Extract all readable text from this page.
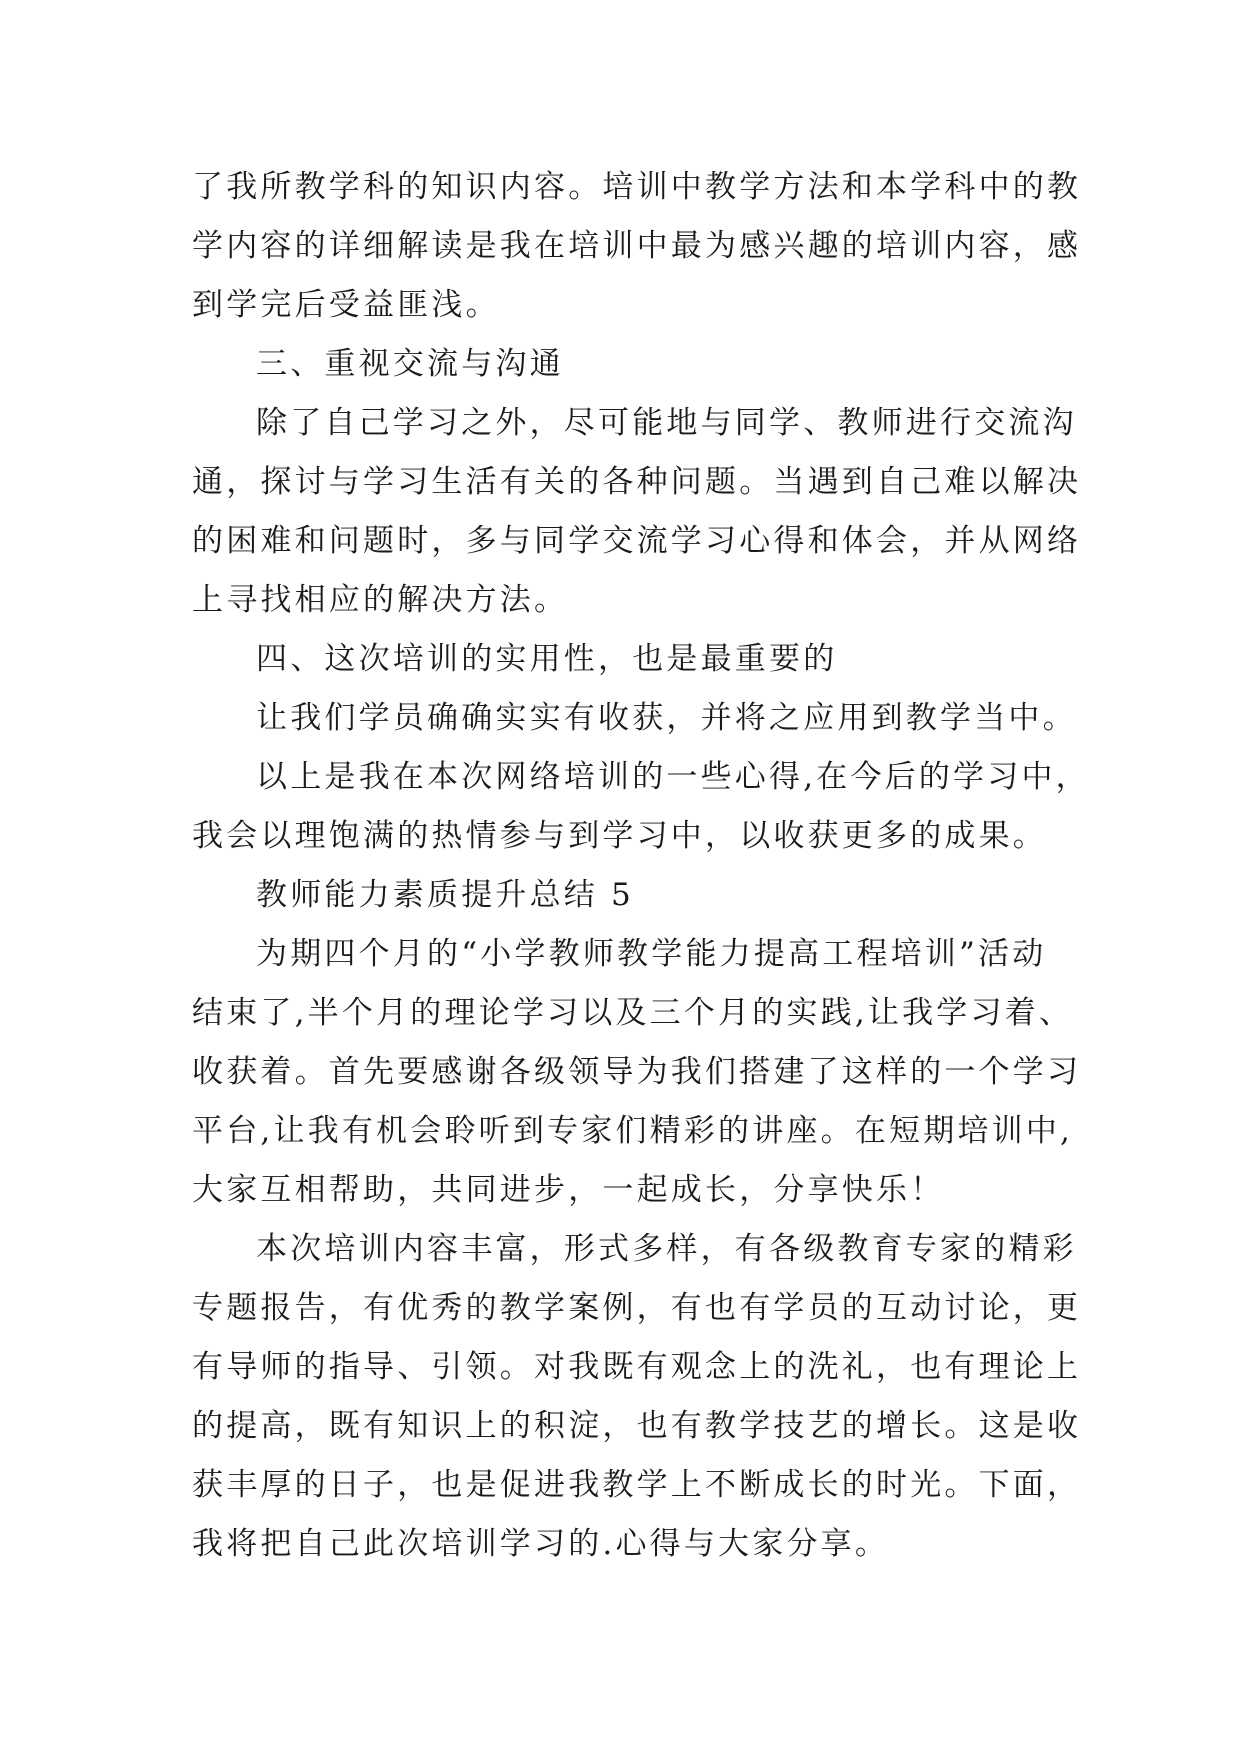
了我所教学科的知识内容。培训中教学方法和本学科中的教

学内容的详细解读是我在培训中最为感兴趣的培训内容，感

到学完后受益匪浅。

三、重视交流与沟通

除了自己学习之外，尽可能地与同学、教师进行交流沟

通，探讨与学习生活有关的各种问题。当遇到自己难以解决

的困难和问题时，多与同学交流学习心得和体会，并从网络

上寻找相应的解决方法。

四、这次培训的实用性，也是最重要的

让我们学员确确实实有收获，并将之应用到教学当中。

以上是我在本次网络培训的一些心得,在今后的学习中，

我会以理饱满的热情参与到学习中，以收获更多的成果。

教师能力素质提升总结 5

为期四个月的“小学教师教学能力提高工程培训”活动

结束了,半个月的理论学习以及三个月的实践,让我学习着、

收获着。首先要感谢各级领导为我们搭建了这样的一个学习

平台,让我有机会聆听到专家们精彩的讲座。在短期培训中,

大家互相帮助，共同进步，一起成长，分享快乐！

本次培训内容丰富，形式多样，有各级教育专家的精彩

专题报告，有优秀的教学案例，有也有学员的互动讨论，更

有导师的指导、引领。对我既有观念上的洗礼，也有理论上

的提高，既有知识上的积淀，也有教学技艺的增长。这是收

获丰厚的日子，也是促进我教学上不断成长的时光。下面，

我将把自己此次培训学习的.心得与大家分享。
